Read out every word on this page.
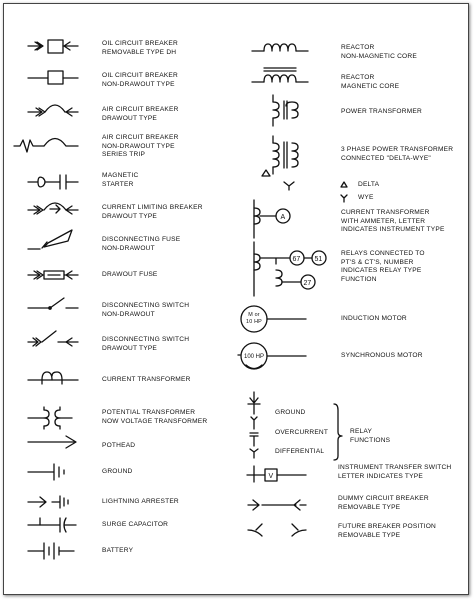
A
67 51
27
100 HP
V
M or
10 HP
OIL CIRCUIT BREAKER
REMOVABLE TYPE DH
OIL CIRCUIT BREAKER
NON-DRAWOUT TYPE
AIR CIRCUIT BREAKER
DRAWOUT TYPE
AIR CIRCUIT BREAKER
NON-DRAWOUT TYPE
SERIES TRIP
MAGNETIC
STARTER
CURRENT LIMITING BREAKER
DRAWOUT TYPE
DISCONNECTING FUSE
NON-DRAWOUT
DRAWOUT FUSE
DISCONNECTING SWITCH
NON-DRAWOUT
DISCONNECTING SWITCH
DRAWOUT TYPE
CURRENT TRANSFORMER
POTENTIAL TRANSFORMER
NOW VOLTAGE TRANSFORMER
POTHEAD
GROUND
LIGHTNING ARRESTER
SURGE CAPACITOR
BATTERY
REACTOR
NON-MAGNETIC CORE
REACTOR
MAGNETIC CORE
POWER TRANSFORMER
3 PHASE POWER TRANSFORMER
CONNECTED "DELTA-WYE"
DELTA
WYE
CURRENT TRANSFORMER
WITH AMMETER, LETTER
INDICATES INSTRUMENT TYPE
RELAYS CONNECTED TO
PT'S & CT'S, NUMBER
INDICATES RELAY TYPE
FUNCTION
INDUCTION MOTOR
SYNCHRONOUS MOTOR
GROUND
OVERCURRENT
DIFFERENTIAL
RELAY
FUNCTIONS
INSTRUMENT TRANSFER SWITCH
LETTER INDICATES TYPE
DUMMY CIRCUIT BREAKER
REMOVABLE TYPE
FUTURE BREAKER POSITION
REMOVABLE TYPE
